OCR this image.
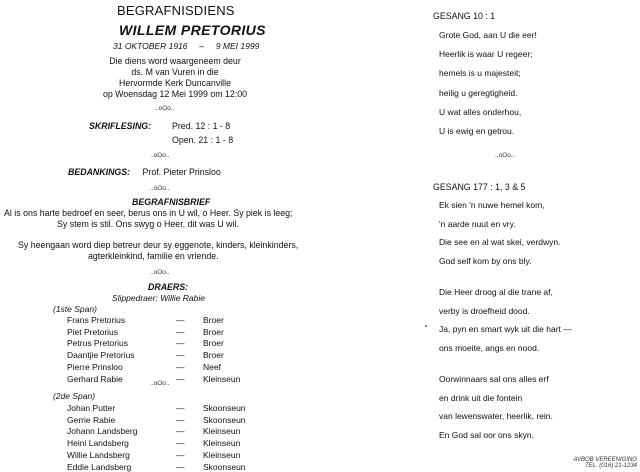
BEGRAFNISDIENS
WILLEM PRETORIUS
31 OKTOBER 1916     –     9 MEI 1999
Die diens word waargeneem deur
ds. M van Vuren in die
Hervormde Kerk Duncanville
op Woensdag 12 Mei 1999 om 12:00
..oOo..
SKRIFLESING: Pred. 12 : 1 - 8
Open. 21 : 1 - 8
..oOo..
BEDANKINGS: Prof. Pieter Prinsloo
..oOo..
BEGRAFNISBRIEF
Al is ons harte bedroef en seer, berus ons in U wil, o Heer. Sy piek is leeg;
Sy stem is stil. Ons swyg o Heer, dit was U wil.
Sy heengaan word diep betreur deur sy eggenote, kinders, kleinkinders,
agterkleinkind, familie en vriende.
..oOo..
DRAERS:
Slippedraer: Willie Rabie
(1ste Span)
Frans Pretorius	— Broer
Piet Pretorius	— Broer
Petrus Pretorius	— Broer
Daantjie Pretorius	— Broer
Pierre Prinsloo	— Neef
Gerhard Rabie	— Kleinseun
..oOo..
(2de Span)
Johan Putter	— Skoonseun
Gerrie Rabie	— Skoonseun
Johann Landsberg	— Kleinseun
Heini Landsberg	— Kleinseun
Willie Landsberg	— Kleinseun
Eddie Landsberg	— Skoonseun
GESANG 10 : 1
Grote God, aan U die eer!
Heerlik is waar U regeer;
hemels is u majesteit;
heilig u geregtigheid.
U wat alles onderhou,
U is ewig en getrou.
..oOo..
GESANG 177 : 1, 3 & 5
Ek sien 'n nuwe hemel kom,
'n aarde nuut en vry.
Die see en al wat skei, verdwyn.
God self kom by ons bly.
Die Heer droog al die trane af,
verby is droefheid dood.
Ja, pyn en smart wyk uit die hart —
ons moeite, angs en nood.
Oorwinnaars sal ons alles erf
en drink uit die fontein
van lewenswater, heerlik, rein.
En God sal oor ons skyn.
AVBOB VEREENIGING
TEL: (016) 21-1234
